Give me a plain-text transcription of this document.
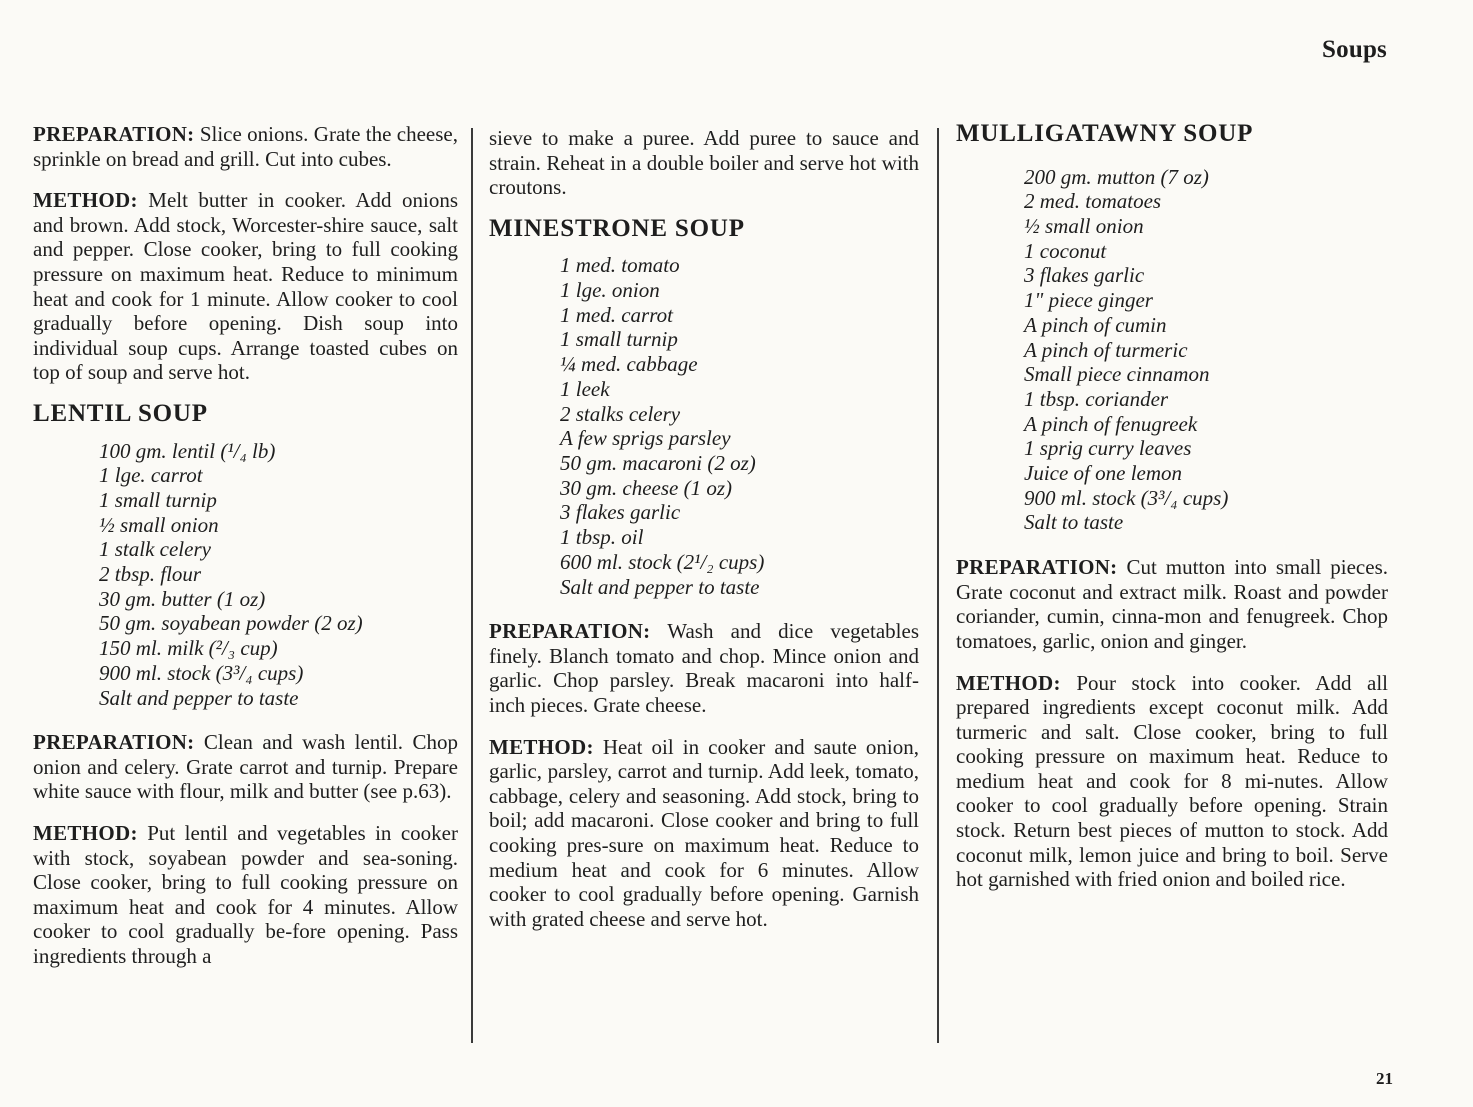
Soups

PREPARATION: Slice onions. Grate the cheese, sprinkle on bread and grill. Cut into cubes.

METHOD: Melt butter in cooker. Add onions and brown. Add stock, Worcester-shire sauce, salt and pepper. Close cooker, bring to full cooking pressure on maximum heat. Reduce to minimum heat and cook for 1 minute. Allow cooker to cool gradually before opening. Dish soup into individual soup cups. Arrange toasted cubes on top of soup and serve hot.

LENTIL SOUP
100 gm. lentil (¹/₄ lb)
1 lge. carrot
1 small turnip
½ small onion
1 stalk celery
2 tbsp. flour
30 gm. butter (1 oz)
50 gm. soyabean powder (2 oz)
150 ml. milk (²/₃ cup)
900 ml. stock (3³/₄ cups)
Salt and pepper to taste

PREPARATION: Clean and wash lentil. Chop onion and celery. Grate carrot and turnip. Prepare white sauce with flour, milk and butter (see p.63).

METHOD: Put lentil and vegetables in cooker with stock, soyabean powder and sea-soning. Close cooker, bring to full cooking pressure on maximum heat and cook for 4 minutes. Allow cooker to cool gradually be-fore opening. Pass ingredients through a

sieve to make a puree. Add puree to sauce and strain. Reheat in a double boiler and serve hot with croutons.

MINESTRONE SOUP
1 med. tomato
1 lge. onion
1 med. carrot
1 small turnip
¼ med. cabbage
1 leek
2 stalks celery
A few sprigs parsley
50 gm. macaroni (2 oz)
30 gm. cheese (1 oz)
3 flakes garlic
1 tbsp. oil
600 ml. stock (2¹/₂ cups)
Salt and pepper to taste

PREPARATION: Wash and dice vegetables finely. Blanch tomato and chop. Mince onion and garlic. Chop parsley. Break macaroni into half-inch pieces. Grate cheese.

METHOD: Heat oil in cooker and saute onion, garlic, parsley, carrot and turnip. Add leek, tomato, cabbage, celery and seasoning. Add stock, bring to boil; add macaroni. Close cooker and bring to full cooking pres-sure on maximum heat. Reduce to medium heat and cook for 6 minutes. Allow cooker to cool gradually before opening. Garnish with grated cheese and serve hot.

MULLIGATAWNY SOUP
200 gm. mutton (7 oz)
2 med. tomatoes
½ small onion
1 coconut
3 flakes garlic
1" piece ginger
A pinch of cumin
A pinch of turmeric
Small piece cinnamon
1 tbsp. coriander
A pinch of fenugreek
1 sprig curry leaves
Juice of one lemon
900 ml. stock (3³/₄ cups)
Salt to taste

PREPARATION: Cut mutton into small pieces. Grate coconut and extract milk. Roast and powder coriander, cumin, cinna-mon and fenugreek. Chop tomatoes, garlic, onion and ginger.

METHOD: Pour stock into cooker. Add all prepared ingredients except coconut milk. Add turmeric and salt. Close cooker, bring to full cooking pressure on maximum heat. Reduce to medium heat and cook for 8 mi-nutes. Allow cooker to cool gradually before opening. Strain stock. Return best pieces of mutton to stock. Add coconut milk, lemon juice and bring to boil. Serve hot garnished with fried onion and boiled rice.

21
